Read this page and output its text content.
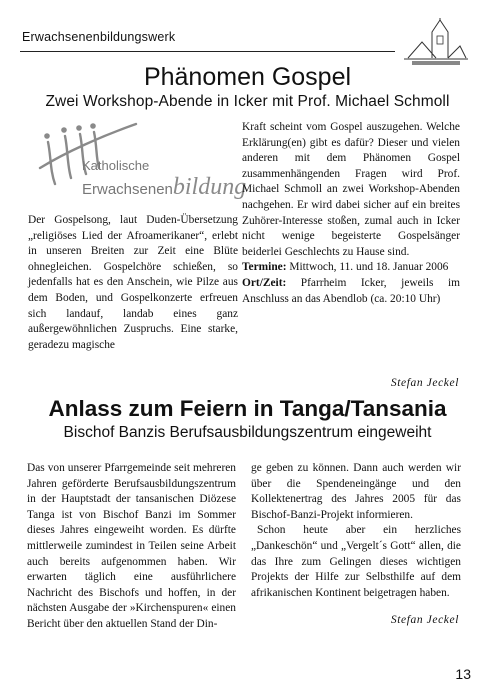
Erwachsenenbildungswerk
Phänomen Gospel
Zwei Workshop-Abende in Icker mit Prof. Michael Schmoll
Katholische
Erwachsenenbildung

Der Gospelsong, laut Duden-Übersetzung „religiöses Lied der Afroamerikaner“, erlebt in unseren Breiten zur Zeit eine Blüte ohnegleichen. Gospelchöre schießen, so jedenfalls hat es den Anschein, wie Pilze aus dem Boden, und Gospelkonzerte erfreuen sich landauf, landab eines ganz außergewöhnlichen Zuspruchs. Eine starke, geradezu magische

Kraft scheint vom Gospel auszugehen. Welche Erklärung(en) gibt es dafür? Dieser und vielen anderen mit dem Phänomen Gospel zusammenhängenden Fragen wird Prof. Michael Schmoll an zwei Workshop-Abenden nachgehen. Er wird dabei sicher auf ein breites Zuhörer-Interesse stoßen, zumal auch in Icker nicht wenige begeisterte Gospelsänger beiderlei Geschlechts zu Hause sind.

Termine: Mittwoch, 11. und 18. Januar 2006

Ort/Zeit: Pfarrheim Icker, jeweils im Anschluss an das Abendlob (ca. 20:10 Uhr)

Stefan Jeckel
Anlass zum Feiern in Tanga/Tansania
Bischof Banzis Berufsausbildungszentrum eingeweiht

Das von unserer Pfarrgemeinde seit mehreren Jahren geförderte Berufsausbildungszentrum in der Hauptstadt der tansanischen Diözese Tanga ist von Bischof Banzi im Sommer dieses Jahres eingeweiht worden. Es dürfte mittlerweile zumindest in Teilen seine Arbeit auch bereits aufgenommen haben. Wir erwarten täglich eine ausführlichere Nachricht des Bischofs und hoffen, in der nächsten Ausgabe der »Kirchenspuren« einen Bericht über den aktuellen Stand der Din-

ge geben zu können. Dann auch werden wir über die Spendeneingänge und den Kollektenertrag des Jahres 2005 für das Bischof-Banzi-Projekt informieren.

Schon heute aber ein herzliches „Dankeschön“ und „Vergelt´s Gott“ allen, die das Ihre zum Gelingen dieses wichtigen Projekts der Hilfe zur Selbsthilfe auf dem afrikanischen Kontinent beigetragen haben.

Stefan Jeckel
13
